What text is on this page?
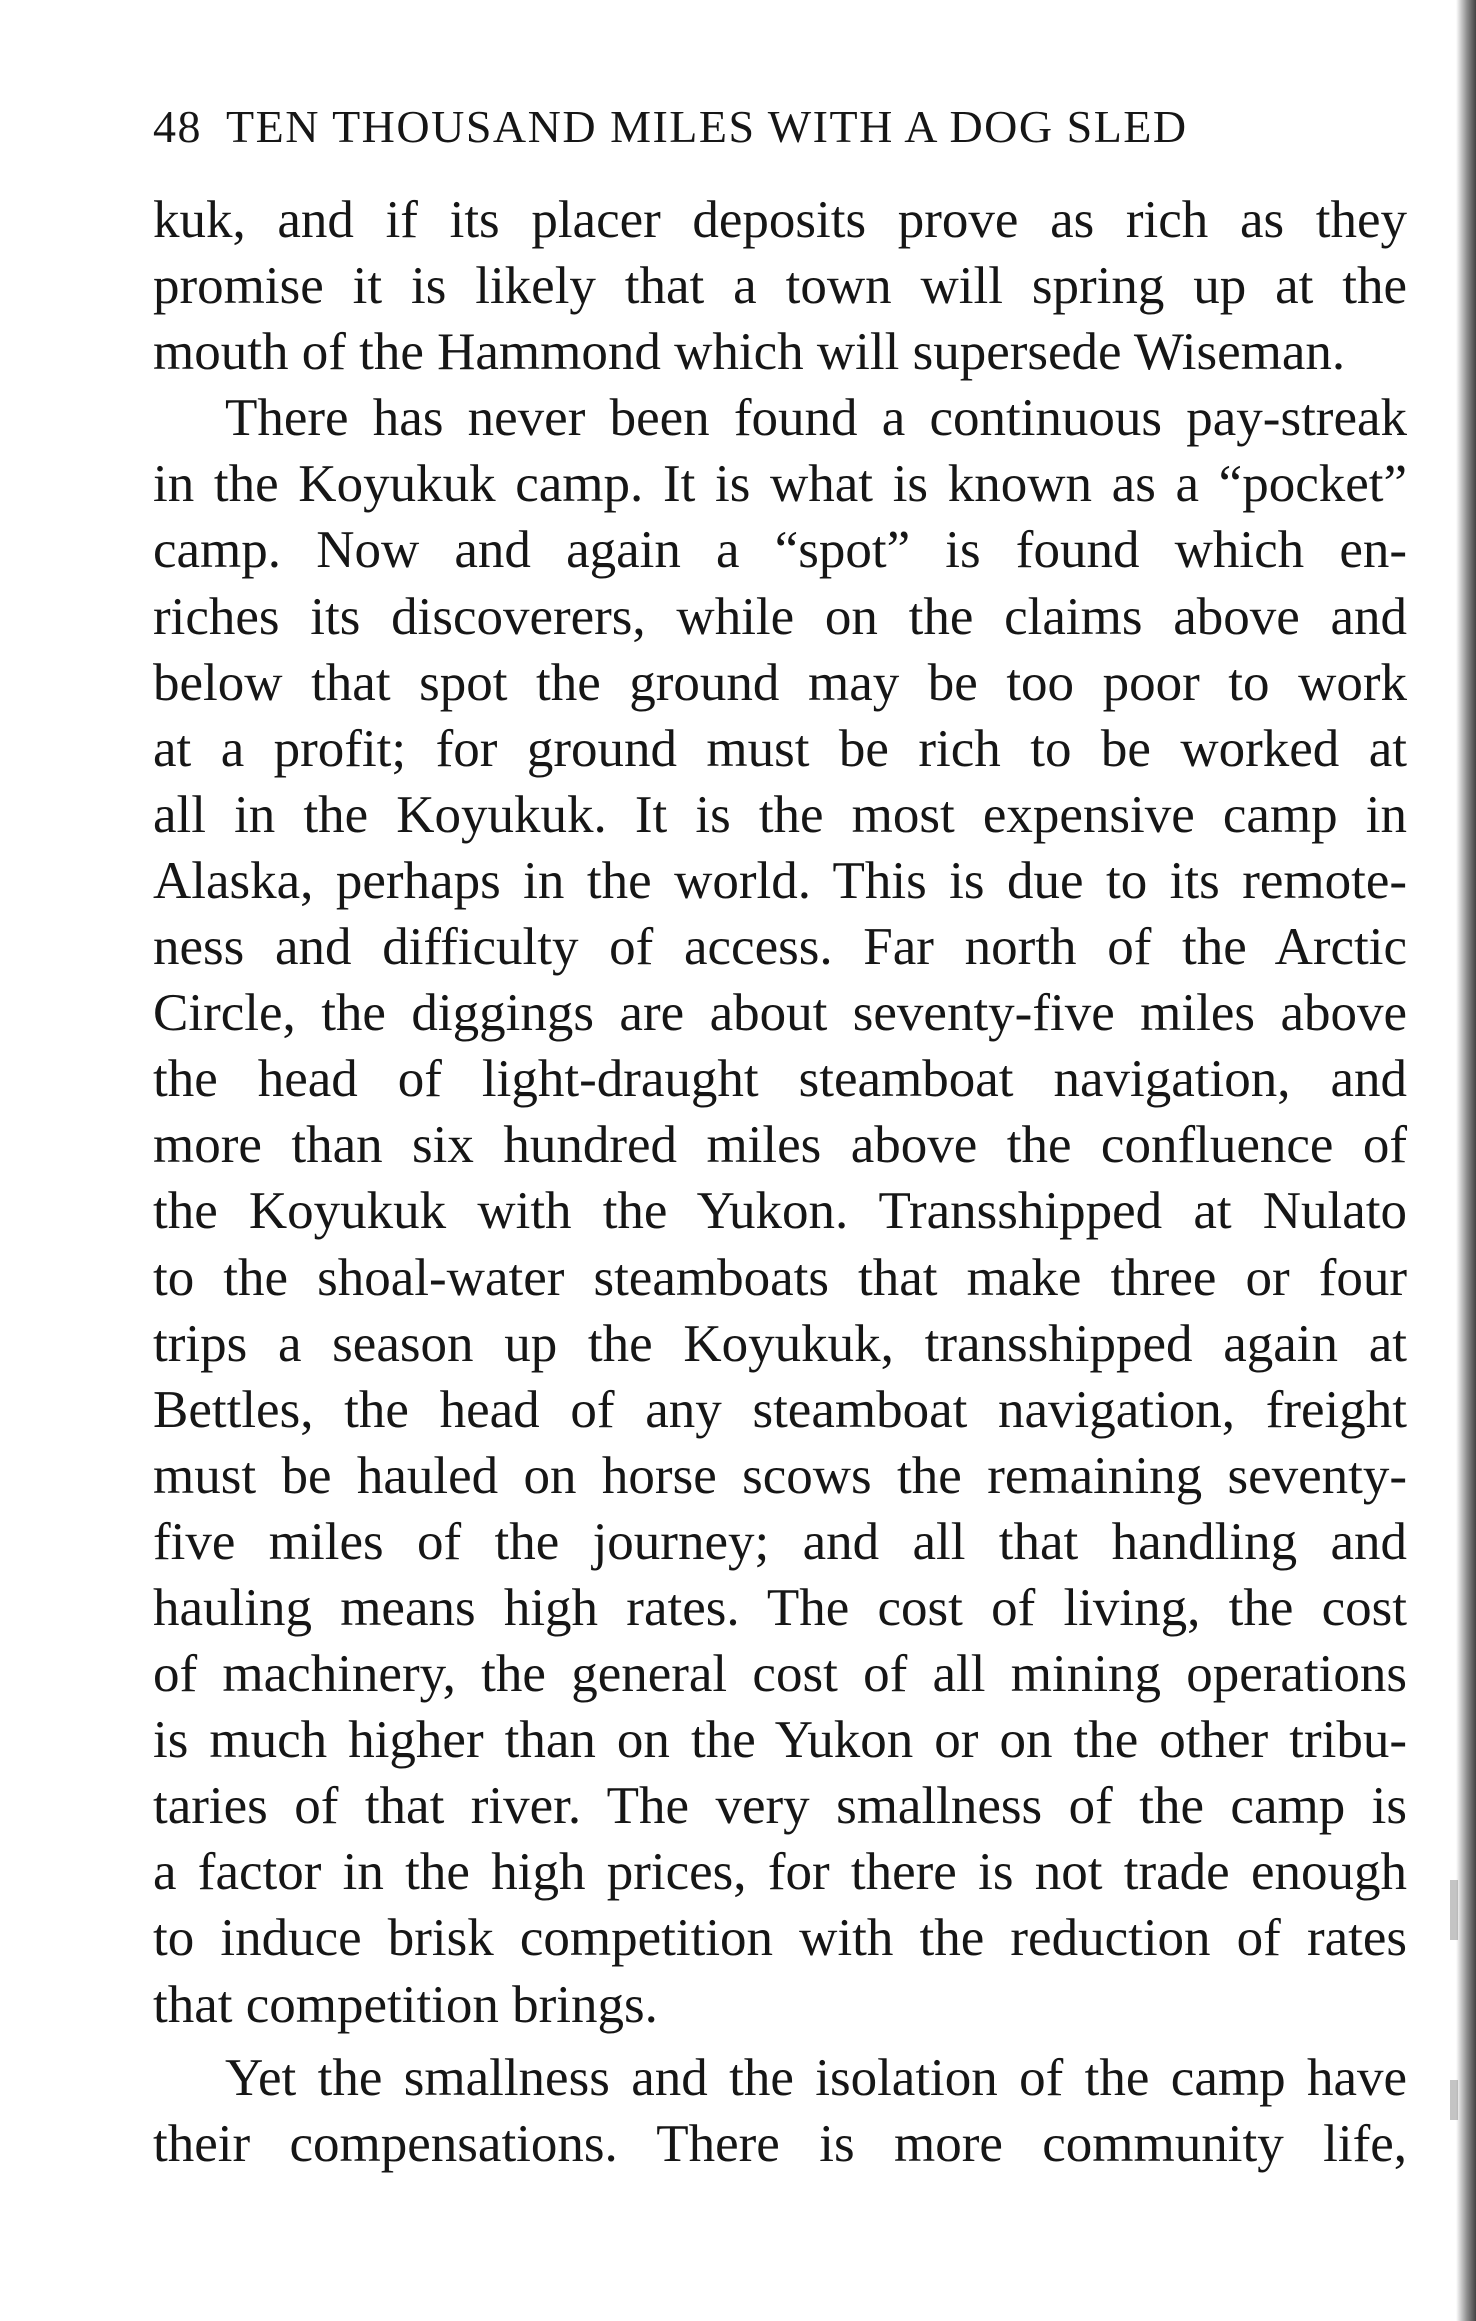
48 TEN THOUSAND MILES WITH A DOG SLED
kuk, and if its placer deposits prove as rich as they
promise it is likely that a town will spring up at the
mouth of the Hammond which will supersede Wiseman.
There has never been found a continuous pay-streak
in the Koyukuk camp. It is what is known as a “pocket”
camp. Now and again a “spot” is found which en-
riches its discoverers, while on the claims above and
below that spot the ground may be too poor to work
at a profit; for ground must be rich to be worked at
all in the Koyukuk. It is the most expensive camp in
Alaska, perhaps in the world. This is due to its remote-
ness and difficulty of access. Far north of the Arctic
Circle, the diggings are about seventy-five miles above
the head of light-draught steamboat navigation, and
more than six hundred miles above the confluence of
the Koyukuk with the Yukon. Transshipped at Nulato
to the shoal-water steamboats that make three or four
trips a season up the Koyukuk, transshipped again at
Bettles, the head of any steamboat navigation, freight
must be hauled on horse scows the remaining seventy-
five miles of the journey; and all that handling and
hauling means high rates. The cost of living, the cost
of machinery, the general cost of all mining operations
is much higher than on the Yukon or on the other tribu-
taries of that river. The very smallness of the camp is
a factor in the high prices, for there is not trade enough
to induce brisk competition with the reduction of rates
that competition brings.
Yet the smallness and the isolation of the camp have
their compensations. There is more community life,
